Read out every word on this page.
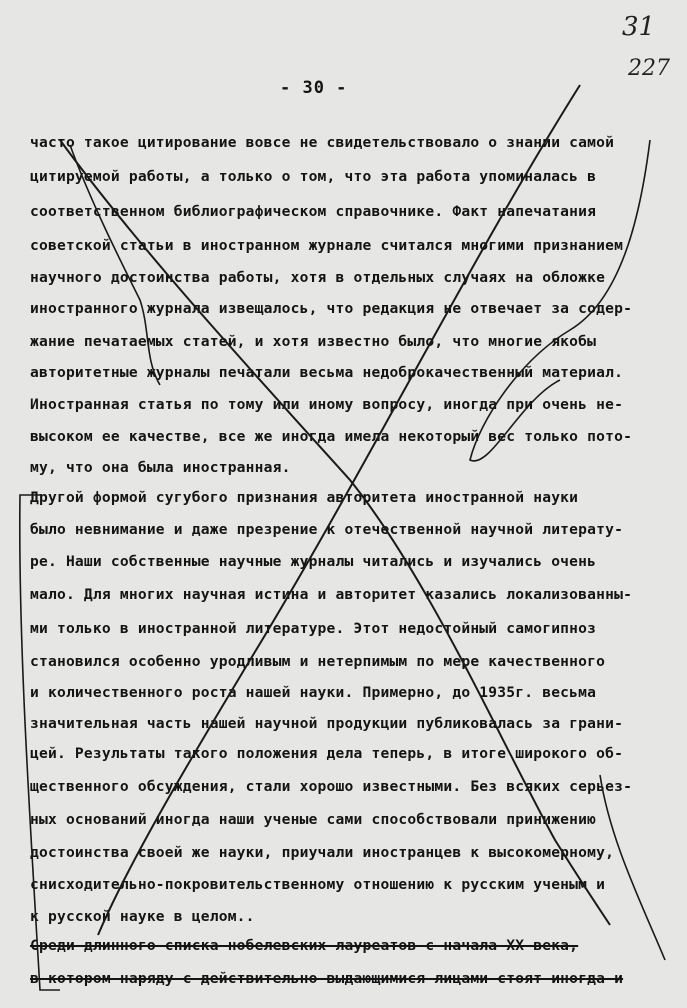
31
227
- 30 -
часто такое цитирование вовсе не свидетельствовало о знании самой
цитируемой работы, а только о том, что эта работа упоминалась в
соответственном библиографическом справочнике. Факт напечатания
советской статьи в иностранном журнале считался многими признанием
научного достоинства работы, хотя в отдельных случаях на обложке
иностранного журнала извещалось, что редакция не отвечает за содер-
жание печатаемых статей, и хотя известно было, что многие якобы
авторитетные журналы печатали весьма недоброкачественный материал.
Иностранная статья по тому или иному вопросу, иногда при очень не-
высоком ее качестве, все же иногда имела некоторый вес только пото-
му, что она была иностранная.
Другой формой сугубого признания авторитета иностранной науки
было невнимание и даже презрение к отечественной научной литерату-
ре. Наши собственные научные журналы читались и изучались очень
мало. Для многих научная истина и авторитет казались локализованны-
ми только в иностранной литературе. Этот недостойный самогипноз
становился особенно уродливым и нетерпимым по мере качественного
и количественного роста нашей науки. Примерно, до 1935г. весьма
значительная часть нашей научной продукции публиковалась за грани-
цей. Результаты такого положения дела теперь, в итоге широкого об-
щественного обсуждения, стали хорошо известными. Без всяких серьез-
ных оснований иногда наши ученые сами способствовали принижению
достоинства своей же науки, приучали иностранцев к высокомерному,
снисходительно-покровительственному отношению к русским ученым и
к русской науке в целом..
Среди длинного списка нобелевских лауреатов с начала XX века,
в котором наряду с действительно выдающимися лицами стоят иногда и
